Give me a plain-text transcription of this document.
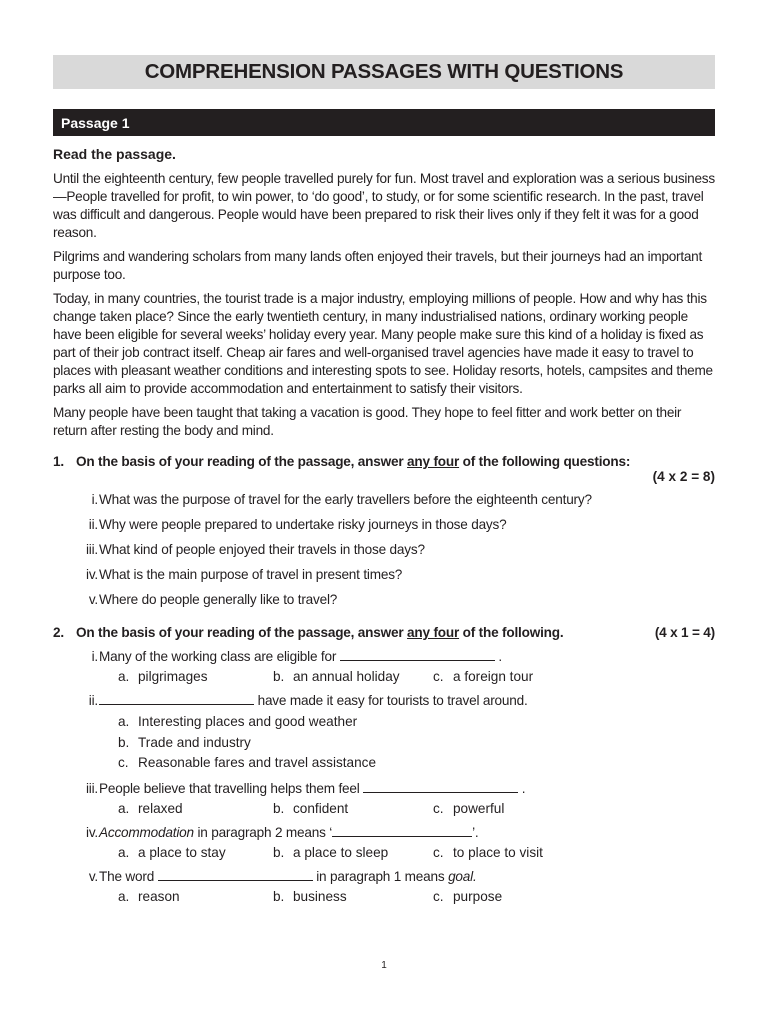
COMPREHENSION PASSAGES WITH QUESTIONS
Passage 1
Read the passage.
Until the eighteenth century, few people travelled purely for fun. Most travel and exploration was a serious business—People travelled for profit, to win power, to ‘do good’, to study, or for some scientific research. In the past, travel was difficult and dangerous. People would have been prepared to risk their lives only if they felt it was for a good reason.
Pilgrims and wandering scholars from many lands often enjoyed their travels, but their journeys had an important purpose too.
Today, in many countries, the tourist trade is a major industry, employing millions of people. How and why has this change taken place? Since the early twentieth century, in many industrialised nations, ordinary working people have been eligible for several weeks’ holiday every year. Many people make sure this kind of a holiday is fixed as part of their job contract itself. Cheap air fares and well-organised travel agencies have made it easy to travel to places with pleasant weather conditions and interesting spots to see. Holiday resorts, hotels, campsites and theme parks all aim to provide accommodation and entertainment to satisfy their visitors.
Many people have been taught that taking a vacation is good. They hope to feel fitter and work better on their return after resting the body and mind.
1. On the basis of your reading of the passage, answer any four of the following questions:
(4 x 2 = 8)
i. What was the purpose of travel for the early travellers before the eighteenth century?
ii. Why were people prepared to undertake risky journeys in those days?
iii. What kind of people enjoyed their travels in those days?
iv. What is the main purpose of travel in present times?
v. Where do people generally like to travel?
2. On the basis of your reading of the passage, answer any four of the following.	(4 x 1 = 4)
i. Many of the working class are eligible for	.
a. pilgrimages	b. an annual holiday c. a foreign tour
ii.	have made it easy for tourists to travel around.
a. Interesting places and good weather
b. Trade and industry
c. Reasonable fares and travel assistance
iii. People believe that travelling helps them feel	.
a. relaxed	b. confident	c. powerful
iv. Accommodation in paragraph 2 means ‘	’.
a. a place to stay	b. a place to sleep	c. to place to visit
v. The word	in paragraph 1 means goal.
a. reason	b. business	c. purpose
1
